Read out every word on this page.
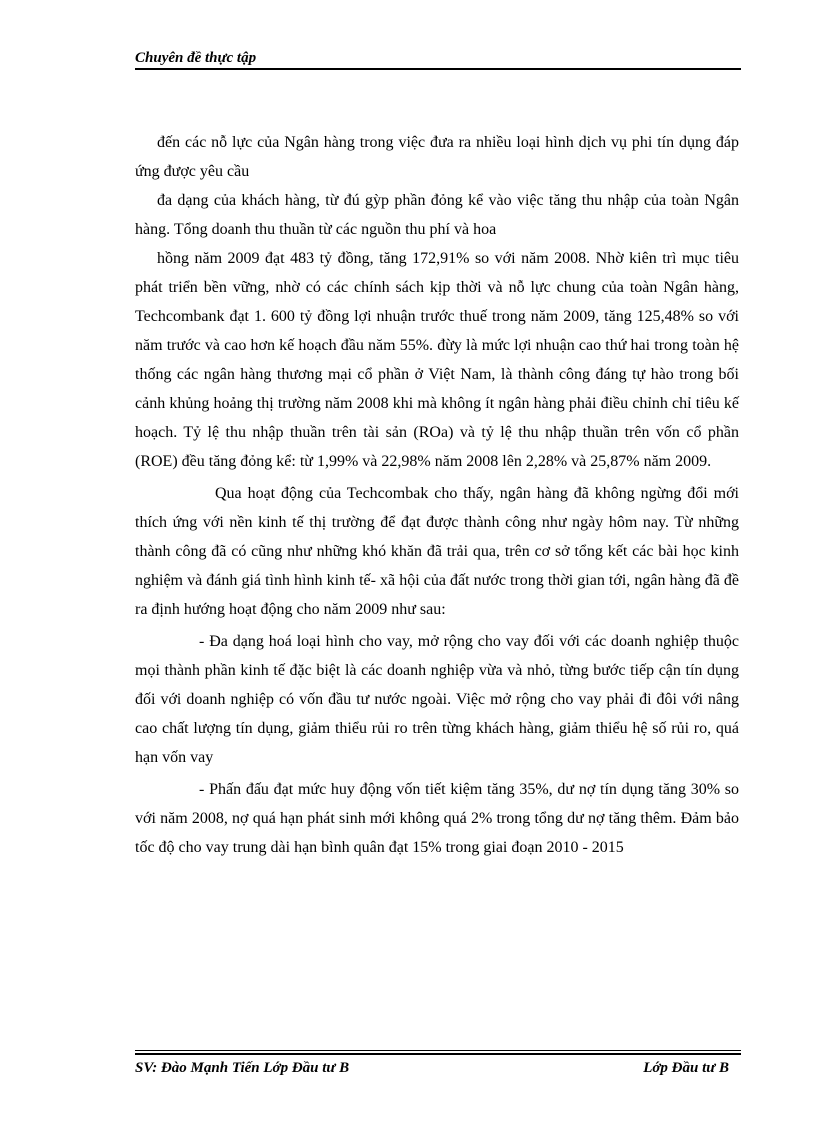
Chuyên đề thực tập

đến các nỗ lực của Ngân hàng trong việc đưa ra nhiều loại hình dịch vụ phi tín dụng đáp ứng được yêu cầu

đa dạng của khách hàng, từ đú gỳp phần đỏng kể vào việc tăng thu nhập của toàn Ngân hàng. Tổng doanh thu thuần từ các nguồn thu phí và hoa

hồng năm 2009 đạt 483 tỷ đồng, tăng 172,91% so với năm 2008. Nhờ kiên trì mục tiêu phát triển bền vững, nhờ có các chính sách kịp thời và nỗ lực chung của toàn Ngân hàng, Techcombank đạt 1. 600 tỷ đồng lợi nhuận trước thuế trong năm 2009, tăng 125,48% so với năm trước và cao hơn kế hoạch đầu năm 55%. đừy là mức lợi nhuận cao thứ hai trong toàn hệ thống các ngân hàng thương mại cổ phần ở Việt Nam, là thành công đáng tự hào trong bối cảnh khủng hoảng thị trường năm 2008 khi mà không ít ngân hàng phải điều chỉnh chỉ tiêu kế hoạch. Tỷ lệ thu nhập thuần trên tài sản (ROa) và tỷ lệ thu nhập thuần trên vốn cổ phần (ROE) đều tăng đỏng kể: từ 1,99% và 22,98% năm 2008 lên 2,28% và 25,87% năm 2009.

Qua hoạt động của Techcombak cho thấy, ngân hàng đã không ngừng đổi mới thích ứng với nền kinh tế thị trường để đạt được thành công như ngày hôm nay. Từ những thành công đã có cũng như những khó khăn đã trải qua, trên cơ sở tổng kết các bài học kinh nghiệm và đánh giá tình hình kinh tế- xã hội của đất nước trong thời gian tới, ngân hàng đã đề ra định hướng hoạt động cho năm 2009 như sau:

- Đa dạng hoá loại hình cho vay, mở rộng cho vay đối với các doanh nghiệp thuộc mọi thành phần kinh tế đặc biệt là các doanh nghiệp vừa và nhỏ, từng bước tiếp cận tín dụng đối với doanh nghiệp có vốn đầu tư nước ngoài. Việc mở rộng cho vay phải đi đôi với nâng cao chất lượng tín dụng, giảm thiểu rủi ro trên từng khách hàng, giảm thiểu hệ số rủi ro, quá hạn vốn vay

- Phấn đấu đạt mức huy động vốn tiết kiệm tăng 35%, dư nợ tín dụng tăng 30% so với năm 2008, nợ quá hạn phát sinh mới không quá 2% trong tổng dư nợ tăng thêm. Đảm bảo tốc độ cho vay trung dài hạn bình quân đạt 15% trong giai đoạn 2010 - 2015

SV: Đào Mạnh Tiến Lớp Đầu tư B	Lớp Đầu tư B
